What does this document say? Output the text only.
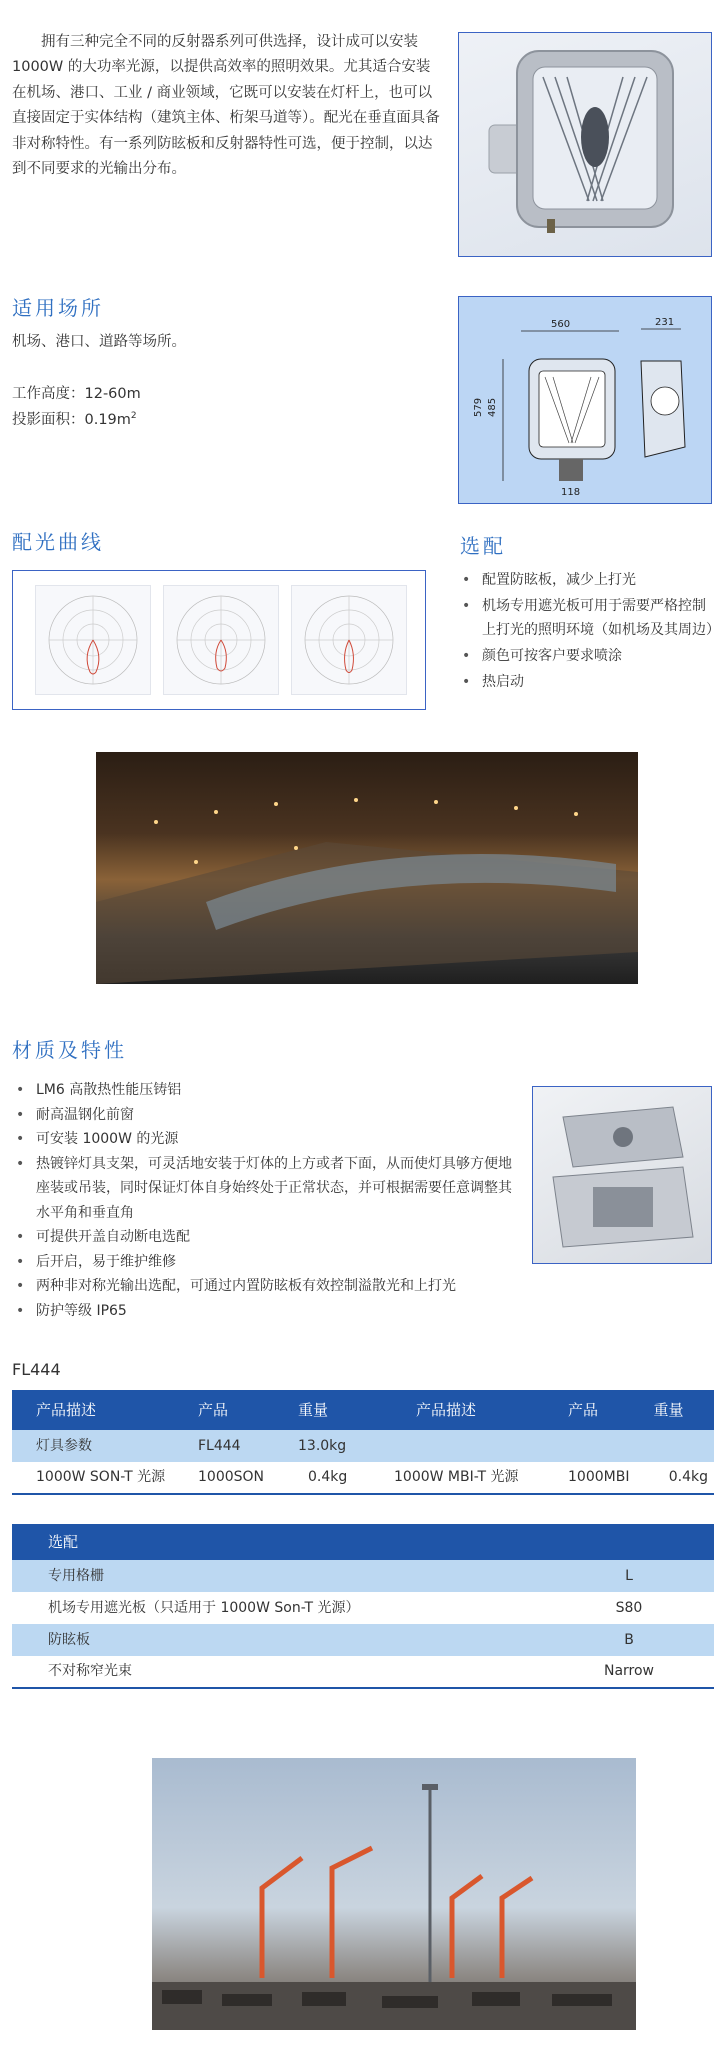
拥有三种完全不同的反射器系列可供选择，设计成可以安装 1000W 的大功率光源，以提供高效率的照明效果。尤其适合安装在机场、港口、工业 / 商业领域，它既可以安装在灯杆上，也可以直接固定于实体结构（建筑主体、桁架马道等）。配光在垂直面具备非对称特性。有一系列防眩板和反射器特性可选，便于控制，以达到不同要求的光输出分布。

适用场所
机场、港口、道路等场所。
工作高度：12-60m
投影面积：$0.19m^2$
560	231
118
579 485
配光曲线	选配
• 配置防眩板，减少上打光
• 机场专用遮光板可用于需要严格控制上打光的照明环境（如机场及其周边）
• 颜色可按客户要求喷涂
• 热启动
材质及特性
• LM6 高散热性能压铸铝
• 耐高温钢化前窗
• 可安装 1000W 的光源
• 热镀锌灯具支架，可灵活地安装于灯体的上方或者下面，从而使灯具够方便地座装或吊装，同时保证灯体自身始终处于正常状态，并可根据需要任意调整其水平角和垂直角
• 可提供开盖自动断电选配
• 后开启，易于维护维修
• 两种非对称光输出选配，可通过内置防眩板有效控制溢散光和上打光
• 防护等级 IP65
FL444
产品描述	产品	重量	产品描述	产品	重量
灯具参数	FL444	13.0kg			
1000W SON-T 光源	1000SON	0.4kg	1000W MBI-T 光源	1000MBI	0.4kg
选配	
专用格栅	L
机场专用遮光板（只适用于 1000W Son-T 光源）	S80
防眩板	B
不对称窄光束	Narrow
